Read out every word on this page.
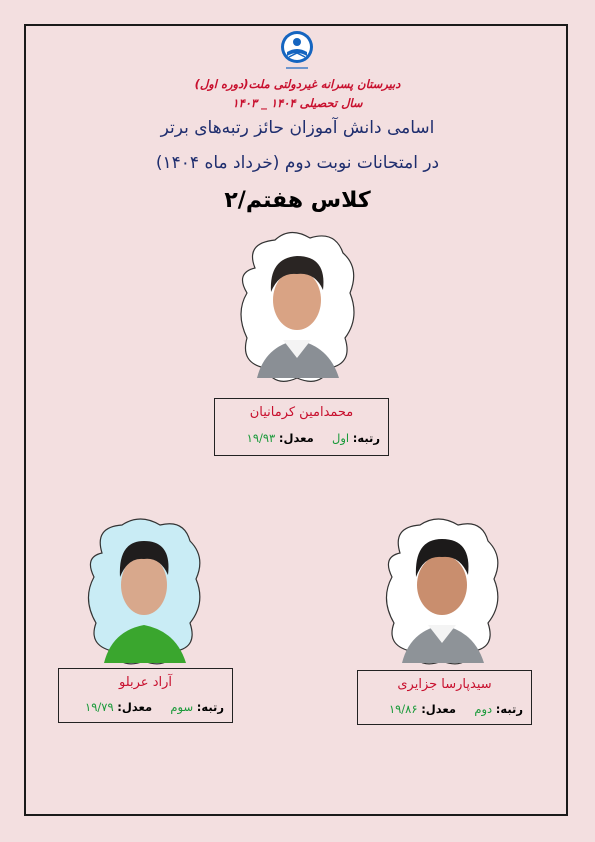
دبیرستان پسرانه غیردولتی ملت(دوره اول)
سال تحصیلی ۱۴۰۴ _ ۱۴۰۳
اسامی دانش آموزان حائز رتبه‌های برتر
در امتحانات نوبت دوم (خرداد ماه ۱۴۰۴)
کلاس هفتم/۲
محمدامین کرمانیان
رتبه: اول     معدل: ۱۹/۹۳
آراد عربلو
رتبه: سوم     معدل: ۱۹/۷۹
سیدپارسا جزایری
رتبه: دوم     معدل: ۱۹/۸۶
